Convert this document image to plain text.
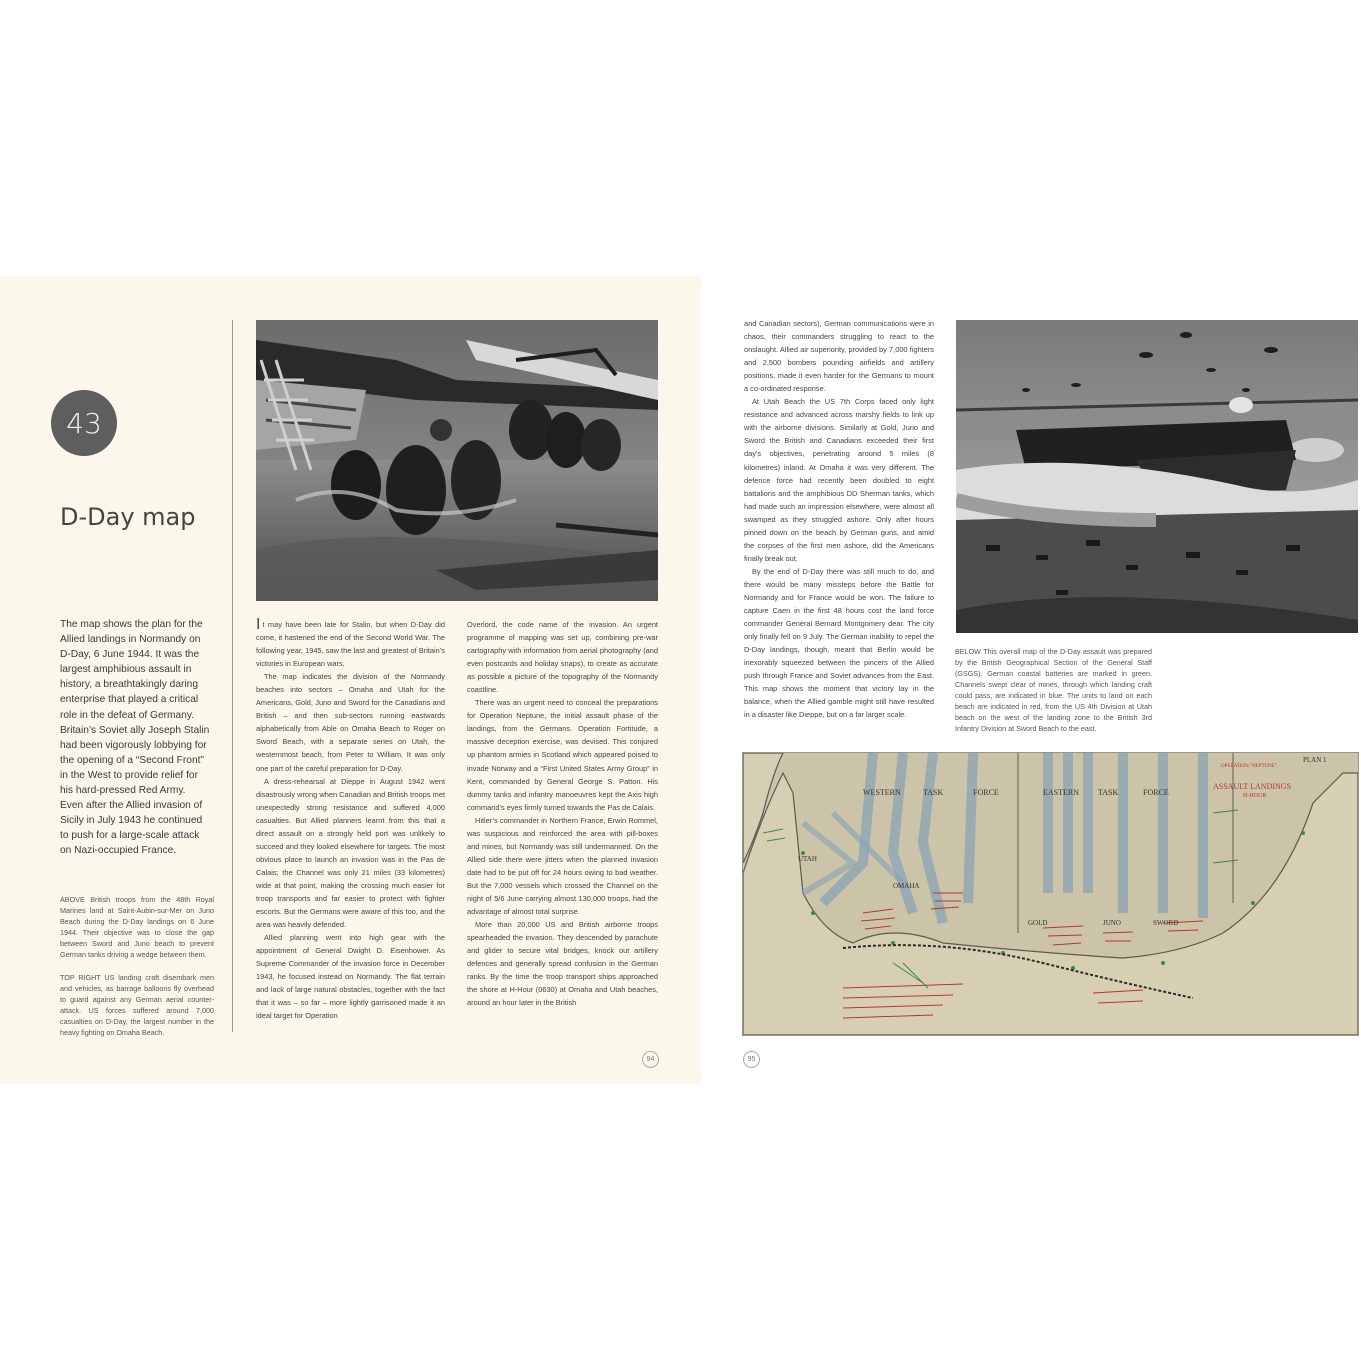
43
D-Day map
The map shows the plan for the Allied landings in Normandy on D-Day, 6 June 1944. It was the largest amphibious assault in history, a breathtakingly daring enterprise that played a critical role in the defeat of Germany. Britain’s Soviet ally Joseph Stalin had been vigorously lobbying for the opening of a “Second Front” in the West to provide relief for his hard-pressed Red Army. Even after the Allied invasion of Sicily in July 1943 he continued to push for a large-scale attack on Nazi-occupied France.
ABOVE British troops from the 48th Royal Marines land at Saint-Aubin-sur-Mer on Juno Beach during the D-Day landings on 6 June 1944. Their objective was to close the gap between Sword and Juno beach to prevent German tanks driving a wedge between them.
TOP RIGHT US landing craft disembark men and vehicles, as barrage balloons fly overhead to guard against any German aerial counter-attack. US forces suffered around 7,000 casualties on D-Day, the largest number in the heavy fighting on Omaha Beach.

It may have been late for Stalin, but when D-Day did come, it hastened the end of the Second World War. The following year, 1945, saw the last and greatest of Britain’s victories in European wars.

The map indicates the division of the Normandy beaches into sectors – Omaha and Utah for the Americans, Gold, Juno and Sword for the Canadians and British – and then sub-sectors running eastwards alphabetically from Able on Omaha Beach to Roger on Sword Beach, with a separate series on Utah, the westernmost beach, from Peter to William. It was only one part of the careful preparation for D-Day.

A dress-rehearsal at Dieppe in August 1942 went disastrously wrong when Canadian and British troops met unexpectedly strong resistance and suffered 4,000 casualties. But Allied planners learnt from this that a direct assault on a strongly held port was unlikely to succeed and they looked elsewhere for targets. The most obvious place to launch an invasion was in the Pas de Calais; the Channel was only 21 miles (33 kilometres) wide at that point, making the crossing much easier for troop transports and far easier to protect with fighter escorts. But the Germans were aware of this too, and the area was heavily defended.

Allied planning went into high gear with the appointment of General Dwight D. Eisenhower. As Supreme Commander of the invasion force in December 1943, he focused instead on Normandy. The flat terrain and lack of large natural obstacles, together with the fact that it was – so far – more lightly garrisoned made it an ideal target for Operation

Overlord, the code name of the invasion. An urgent programme of mapping was set up, combining pre-war cartography with information from aerial photography (and even postcards and holiday snaps), to create as accurate as possible a picture of the topography of the Normandy coastline.

There was an urgent need to conceal the preparations for Operation Neptune, the initial assault phase of the landings, from the Germans. Operation Fortitude, a massive deception exercise, was devised. This conjured up phantom armies in Scotland which appeared poised to invade Norway and a “First United States Army Group” in Kent, commanded by General George S. Patton. His dummy tanks and infantry manoeuvres kept the Axis high command’s eyes firmly turned towards the Pas de Calais.

Hitler’s commander in Northern France, Erwin Rommel, was suspicious and reinforced the area with pill-boxes and mines, but Normandy was still undermanned. On the Allied side there were jitters when the planned invasion date had to be put off for 24 hours owing to bad weather. But the 7,000 vessels which crossed the Channel on the night of 5/6 June carrying almost 130,000 troops, had the advantage of almost total surprise.

More than 20,000 US and British airborne troops spearheaded the invasion. They descended by parachute and glider to secure vital bridges, knock out artillery defences and generally spread confusion in the German ranks. By the time the troop transport ships approached the shore at H-Hour (0630) at Omaha and Utah beaches, around an hour later in the British

94

and Canadian sectors), German communications were in chaos, their commanders struggling to react to the onslaught. Allied air superiority, provided by 7,000 fighters and 2,500 bombers pounding airfields and artillery positions, made it even harder for the Germans to mount a co-ordinated response.

At Utah Beach the US 7th Corps faced only light resistance and advanced across marshy fields to link up with the airborne divisions. Similarly at Gold, Juno and Sword the British and Canadians exceeded their first day’s objectives, penetrating around 5 miles (8 kilometres) inland. At Omaha it was very different. The defence force had recently been doubled to eight battalions and the amphibious DD Sherman tanks, which had made such an impression elsewhere, were almost all swamped as they struggled ashore. Only after hours pinned down on the beach by German guns, and amid the corpses of the first men ashore, did the Americans finally break out.

By the end of D-Day there was still much to do, and there would be many missteps before the Battle for Normandy and for France would be won. The failure to capture Caen in the first 48 hours cost the land force commander General Bernard Montgomery dear. The city only finally fell on 9 July. The German inability to repel the D-Day landings, though, meant that Berlin would be inexorably squeezed between the pincers of the Allied push through France and Soviet advances from the East. This map shows the moment that victory lay in the balance, when the Allied gamble might still have resulted in a disaster like Dieppe, but on a far larger scale.

BELOW This overall map of the D-Day assault was prepared by the British Geographical Section of the General Staff (GSGS). German coastal batteries are marked in green. Channels swept clear of mines, through which landing craft could pass, are indicated in blue. The units to land on each beach are indicated in red, from the US 4th Division at Utah beach on the west of the landing zone to the British 3rd Infantry Division at Sword Beach to the east.
WESTERN	TASK	FORCE	EASTERN TASK	FORCE
UTAH
OMAHA
GOLD	JUNO	SWORD
OPERATION "NEPTUNE"
ASSAULT LANDINGS
H-HOUR
PLAN 1
95
